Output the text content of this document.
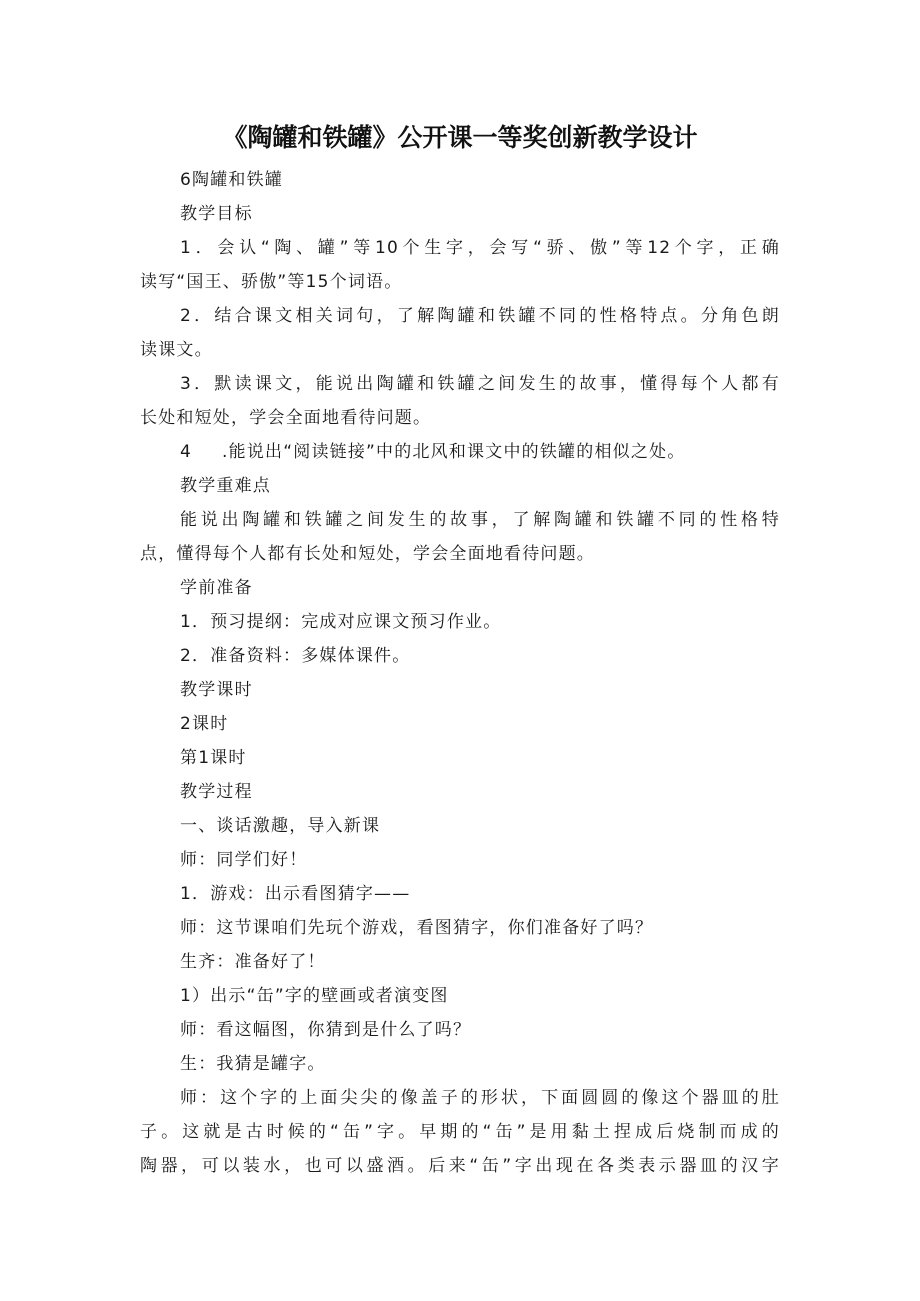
《陶罐和铁罐》公开课一等奖创新教学设计
6陶罐和铁罐
教学目标
1．会认“陶、罐”等10个生字，会写“骄、傲”等12个字，正确
读写“国王、骄傲”等15个词语。
2．结合课文相关词句，了解陶罐和铁罐不同的性格特点。分角色朗
读课文。
3．默读课文，能说出陶罐和铁罐之间发生的故事，懂得每个人都有
长处和短处，学会全面地看待问题。
4 .能说出“阅读链接”中的北风和课文中的铁罐的相似之处。
教学重难点
能说出陶罐和铁罐之间发生的故事，了解陶罐和铁罐不同的性格特
点，懂得每个人都有长处和短处，学会全面地看待问题。
学前准备
1．预习提纲：完成对应课文预习作业。
2．准备资料：多媒体课件。
教学课时
2课时
第1课时
教学过程
一、谈话激趣，导入新课
师：同学们好！
1．游戏：出示看图猜字——
师：这节课咱们先玩个游戏，看图猜字，你们准备好了吗？
生齐：准备好了！
1）出示“缶”字的壁画或者演变图
师：看这幅图，你猜到是什么了吗？
生：我猜是罐字。
师：这个字的上面尖尖的像盖子的形状，下面圆圆的像这个器皿的肚
子。这就是古时候的“缶”字。早期的“缶”是用黏土捏成后烧制而成的
陶器，可以装水，也可以盛酒。后来“缶”字出现在各类表示器皿的汉字
